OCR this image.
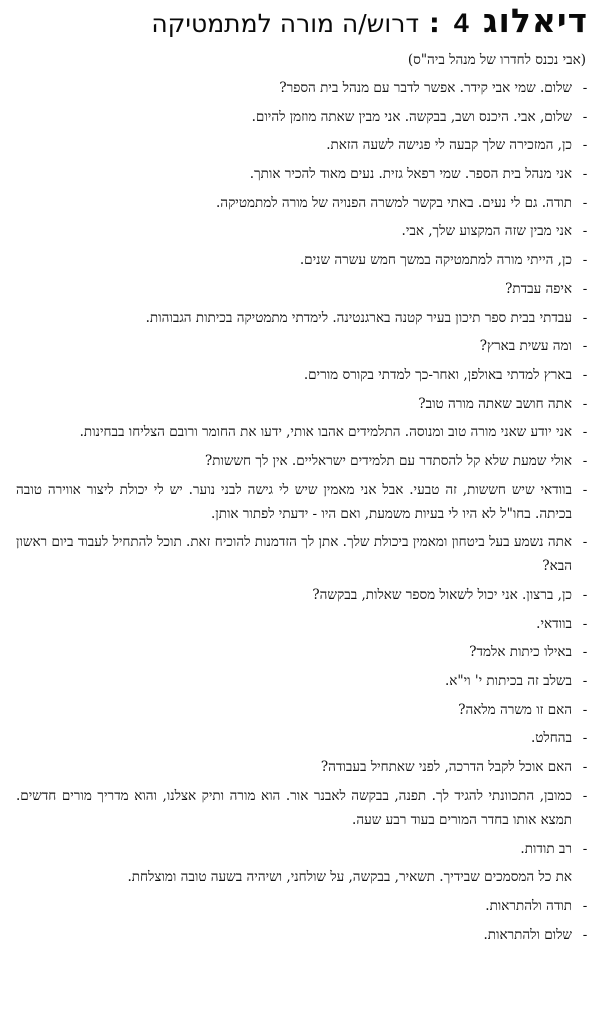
דיאלוג4:דרוש/ה מורה למתמטיקה
(אבי נכנס לחדרו של מנהל ביה"ס)
-
שלום. שמי אבי קידר. אפשר לדבר עם מנהל בית הספר?
-
שלום, אבי. היכנס ושב, בבקשה. אני מבין שאתה מוזמן להיום.
-
כן, המזכירה שלך קבעה לי פגישה לשעה הזאת.
-
אני מנהל בית הספר. שמי רפאל גזית. נעים מאוד להכיר אותך.
-
תודה. גם לי נעים. באתי בקשר למשרה הפנויה של מורה למתמטיקה.
-
אני מבין שזה המקצוע שלך, אבי.
-
כן, הייתי מורה למתמטיקה במשך חמש עשרה שנים.
-
איפה עבדת?
-
עבדתי בבית ספר תיכון בעיר קטנה בארגנטינה. לימדתי מתמטיקה בכיתות הגבוהות.
-
ומה עשית בארץ?
-
בארץ למדתי באולפן, ואחר-כך למדתי בקורס מורים.
-
אתה חושב שאתה מורה טוב?
-
אני יודע שאני מורה טוב ומנוסה. התלמידים אהבו אותי, ידעו את החומר ורובם הצליחו בבחינות.
-
אולי שמעת שלא קל להסתדר עם תלמידים ישראליים. אין לך חששות?
-
בוודאי שיש חששות, זה טבעי. אבל אני מאמין שיש לי גישה לבני נוער. יש לי יכולת ליצור אווירה טובה בכיתה. בחו"ל לא היו לי בעיות משמעת, ואם היו - ידעתי לפתור אותן.
-
אתה נשמע בעל ביטחון ומאמין ביכולת שלך. אתן לך הזדמנות להוכיח זאת. תוכל להתחיל לעבוד ביום ראשון הבא?
-
כן, ברצון. אני יכול לשאול מספר שאלות, בבקשה?
-
בוודאי.
-
באילו כיתות אלמד?
-
בשלב זה בכיתות י' וי"א.
-
האם זו משרה מלאה?
-
בהחלט.
-
האם אוכל לקבל הדרכה, לפני שאתחיל בעבודה?
-
כמובן, התכוונתי להגיד לך. תפנה, בבקשה לאבנר אור. הוא מורה ותיק אצלנו, והוא מדריך מורים חדשים. תמצא אותו בחדר המורים בעוד רבע שעה.
-
רב תודות.
את כל המסמכים שבידיך. תשאיר, בבקשה, על שולחני, ושיהיה בשעה טובה ומוצלחת.
-
תודה ולהתראות.
-
שלום ולהתראות.
